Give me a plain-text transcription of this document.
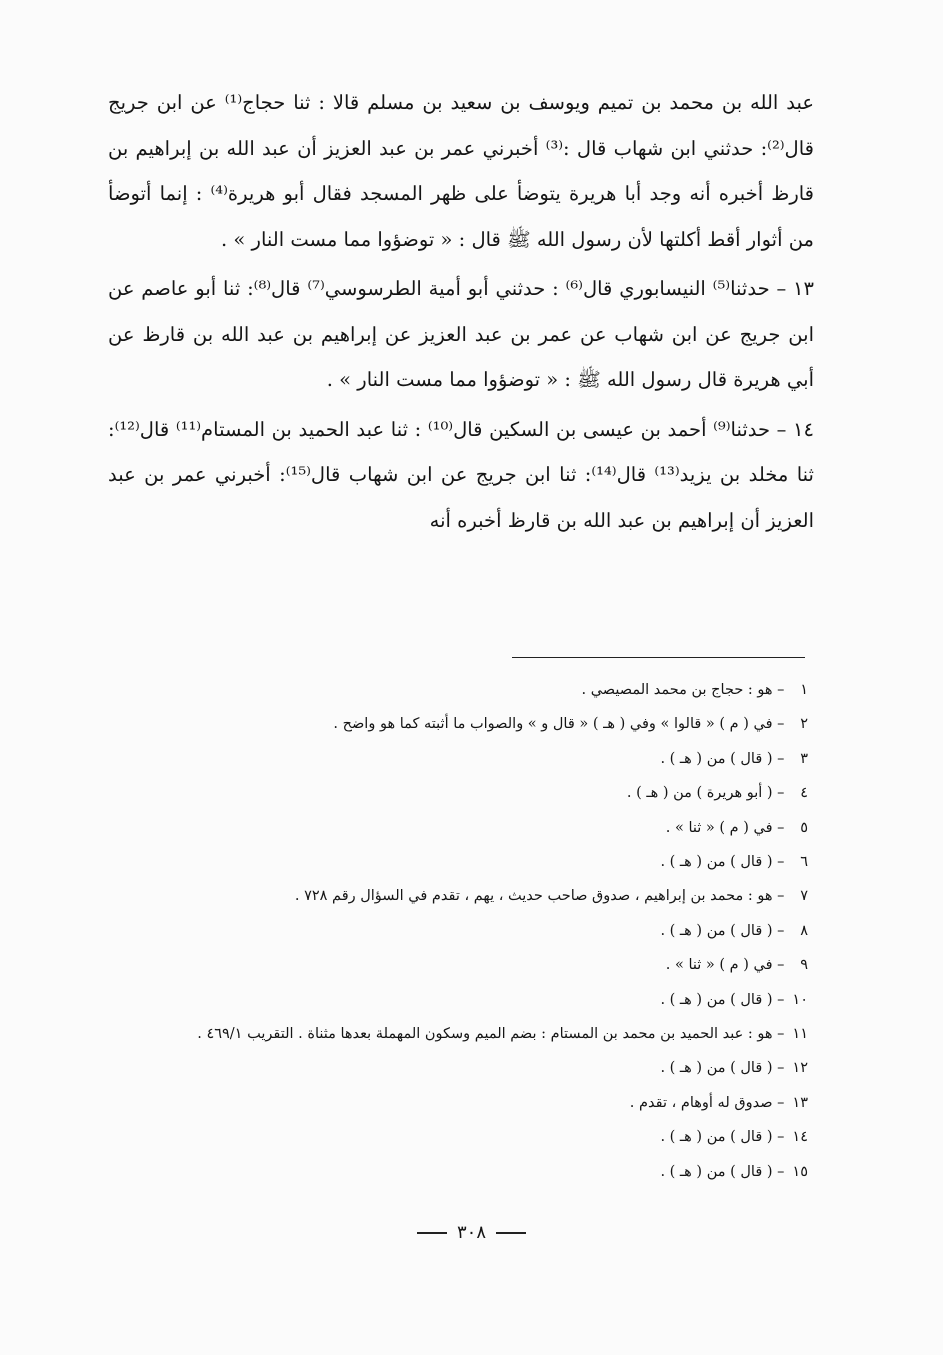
عبد الله بن محمد بن تميم ويوسف بن سعيد بن مسلم قالا : ثنا حجاج⁽¹⁾ عن ابن جريج قال⁽²⁾: حدثني ابن شهاب قال :⁽³⁾ أخبرني عمر بن عبد العزيز أن عبد الله بن إبراهيم بن قارظ أخبره أنه وجد أبا هريرة يتوضأ على ظهر المسجد فقال أبو هريرة⁽⁴⁾ : إنما أتوضأ من أثوار أقط أكلتها لأن رسول الله ﷺ قال : « توضؤوا مما مست النار » .

١٣ – حدثنا⁽⁵⁾ النيسابوري قال⁽⁶⁾ : حدثني أبو أمية الطرسوسي⁽⁷⁾ قال⁽⁸⁾: ثنا أبو عاصم عن ابن جريج عن ابن شهاب عن عمر بن عبد العزيز عن إبراهيم بن عبد الله بن قارظ عن أبي هريرة قال رسول الله ﷺ : « توضؤوا مما مست النار » .

١٤ – حدثنا⁽⁹⁾ أحمد بن عيسى بن السكين قال⁽¹⁰⁾ : ثنا عبد الحميد بن المستام⁽¹¹⁾ قال⁽¹²⁾: ثنا مخلد بن يزيد⁽¹³⁾ قال⁽¹⁴⁾: ثنا ابن جريج عن ابن شهاب قال⁽¹⁵⁾: أخبرني عمر بن عبد العزيز أن إبراهيم بن عبد الله بن قارظ أخبره أنه

١ – هو : حجاج بن محمد المصيصي .
٢ – في ( م ) « قالوا » وفي ( هـ ) « قال و » والصواب ما أثبته كما هو واضح .
٣ – ( قال ) من ( هـ ) .
٤ – ( أبو هريرة ) من ( هـ ) .
٥ – في ( م ) « ثنا » .
٦ – ( قال ) من ( هـ ) .
٧ – هو : محمد بن إبراهيم ، صدوق صاحب حديث ، يهم ، تقدم في السؤال رقم ٧٢٨ .
٨ – ( قال ) من ( هـ ) .
٩ – في ( م ) « ثنا » .
١٠ – ( قال ) من ( هـ ) .
١١ – هو : عبد الحميد بن محمد بن المستام : بضم الميم وسكون المهملة بعدها مثناة . التقريب ٤٦٩/١ .
١٢ – ( قال ) من ( هـ ) .
١٣ – صدوق له أوهام ، تقدم .
١٤ – ( قال ) من ( هـ ) .
١٥ – ( قال ) من ( هـ ) .
٣٠٨
